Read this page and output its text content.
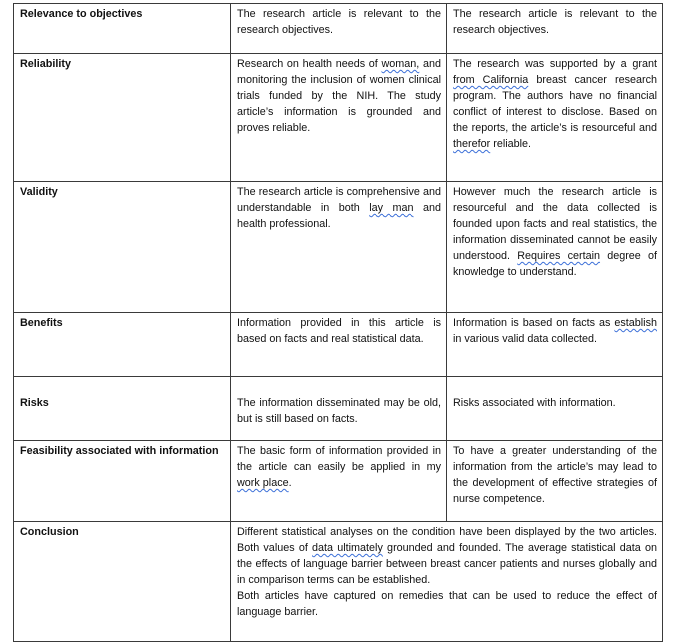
Relevance to objectives	The research article is relevant to the research objectives.	The research article is relevant to the research objectives.
Reliability	Research on health needs of woman, and monitoring the inclusion of women clinical trials funded by the NIH. The study article’s information is grounded and proves reliable.	The research was supported by a grant from California breast cancer research program. The authors have no financial conflict of interest to disclose. Based on the reports, the article’s is resourceful and therefor reliable.
Validity	The research article is comprehensive and understandable in both lay man and health professional.	However much the research article is resourceful and the data collected is founded upon facts and real statistics, the information disseminated cannot be easily understood. Requires certain degree of knowledge to understand.
Benefits	Information provided in this article is based on facts and real statistical data.	Information is based on facts as establish in various valid data collected.
Risks	The information disseminated may be old, but is still based on facts.	Risks associated with information.
Feasibility associated with information	The basic form of information provided in the article can easily be applied in my work place.	To have a greater understanding of the information from the article’s may lead to the development of effective strategies of nurse competence.
Conclusion	Different statistical analyses on the condition have been displayed by the two articles. Both values of data ultimately grounded and founded. The average statistical data on the effects of language barrier between breast cancer patients and nurses globally and in comparison terms can be established.

Both articles have captured on remedies that can be used to reduce the effect of language barrier.	
